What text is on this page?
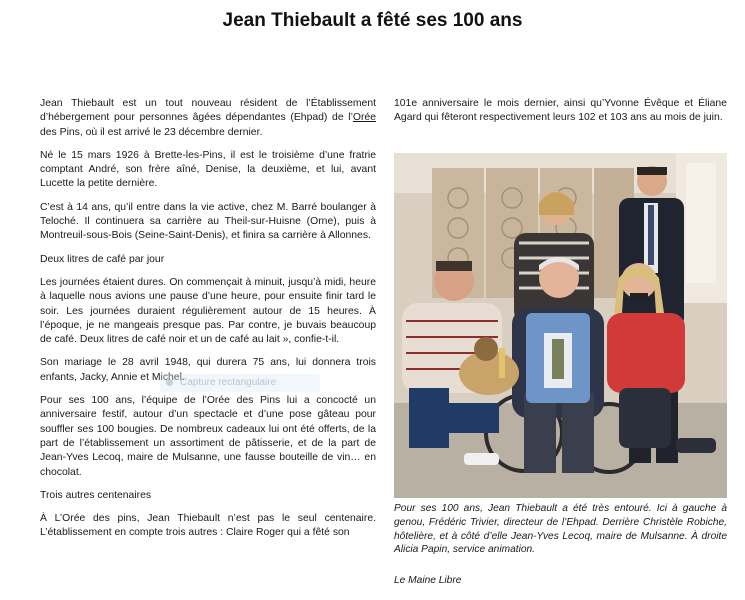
Jean Thiebault a fêté ses 100 ans

Jean Thiebault est un tout nouveau résident de l’Établissement d’hébergement pour personnes âgées dépendantes (Ehpad) de l’Orée des Pins, où il est arrivé le 23 décembre dernier.

Né le 15 mars 1926 à Brette-les-Pins, il est le troisième d’une fratrie comptant André, son frère aîné, Denise, la deuxième, et lui, avant Lucette la petite dernière.

C’est à 14 ans, qu’il entre dans la vie active, chez M. Barré boulanger à Teloché. Il continuera sa carrière au Theil-sur-Huisne (Orne), puis à Montreuil-sous-Bois (Seine-Saint-Denis), et finira sa carrière à Allonnes.

Deux litres de café par jour

Les journées étaient dures. On commençait à minuit, jusqu’à midi, heure à laquelle nous avions une pause d’une heure, pour ensuite finir tard le soir. Les journées duraient régulièrement autour de 15 heures. À l’époque, je ne mangeais presque pas. Par contre, je buvais beaucoup de café. Deux litres de café noir et un de café au lait », confie-t-il.

Son mariage le 28 avril 1948, qui durera 75 ans, lui donnera trois enfants, Jacky, Annie et Michel.

Pour ses 100 ans, l’équipe de l’Orée des Pins lui a concocté un anniversaire festif, autour d’un spectacle et d’une pose gâteau pour souffler ses 100 bougies. De nombreux cadeaux lui ont été offerts, de la part de l’établissement un assortiment de pâtisserie, et de la part de Jean-Yves Lecoq, maire de Mulsanne, une fausse bouteille de vin… en chocolat.

Trois autres centenaires

À L’Orée des pins, Jean Thiebault n’est pas le seul centenaire. L’établissement en compte trois autres : Claire Roger qui a fêté son

Capture rectangulaire

101e anniversaire le mois dernier, ainsi qu’Yvonne Évêque et Éliane Agard qui fêteront respectivement leurs 102 et 103 ans au mois de juin.

Pour ses 100 ans, Jean Thiebault a été très entouré. Ici à gauche à genou, Frédéric Trivier, directeur de l’Ehpad. Derrière Christèle Robiche, hôtelière, et à côté d’elle Jean-Yves Lecoq, maire de Mulsanne. À droite Alicia Papin, service animation.
Le Maine Libre
